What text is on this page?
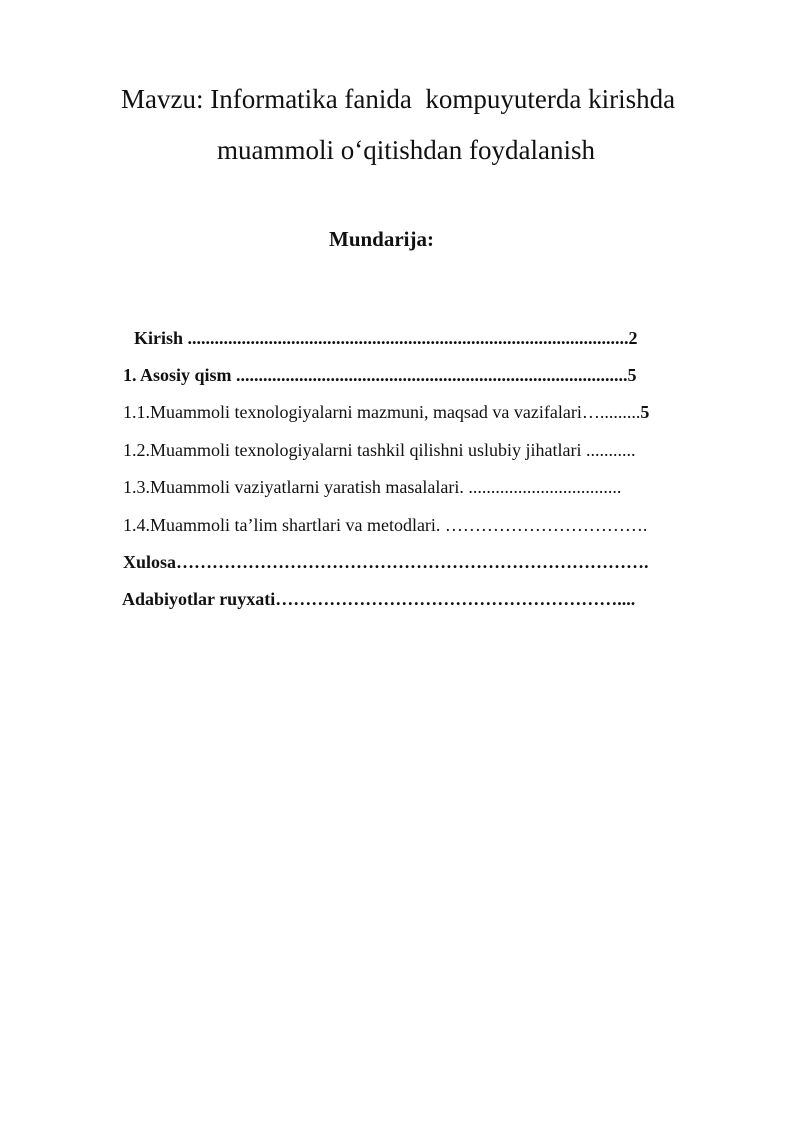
Mavzu: Informatika fanida  kompuyuterda kirishda
muammoli o‘qitishdan foydalanish
Mundarija:

Kirish ..................................................................................................2

1. Asosiy qism .......................................................................................5

1.1.Muammoli texnologiyalarni mazmuni, maqsad va vazifalari….........5

1.2.Muammoli texnologiyalarni tashkil qilishni uslubiy jihatlari ...........

1.3.Muammoli vaziyatlarni yaratish masalalari. ..................................

1.4.Muammoli ta’lim shartlari va metodlari. …………………………….

Xulosa…………………………………………………………………….

Adabiyotlar ruyxati…………………………………………………....
